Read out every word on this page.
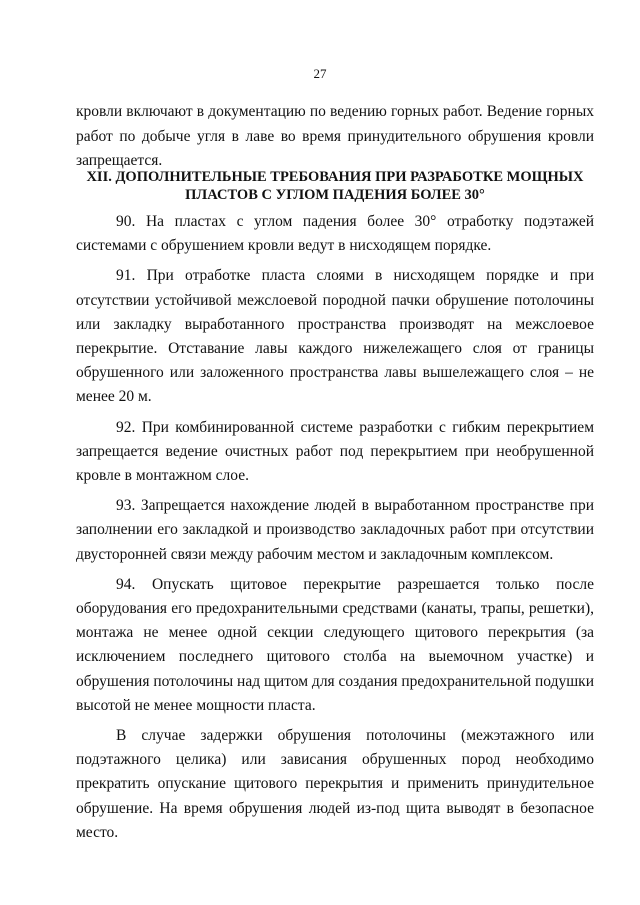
27

кровли включают в документацию по ведению горных работ. Ведение горных работ по добыче угля в лаве во время принудительного обрушения кровли запрещается.

XII. ДОПОЛНИТЕЛЬНЫЕ ТРЕБОВАНИЯ ПРИ РАЗРАБОТКЕ МОЩНЫХ
ПЛАСТОВ С УГЛОМ ПАДЕНИЯ БОЛЕЕ 30°

90. На пластах с углом падения более 30° отработку подэтажей системами с обрушением кровли ведут в нисходящем порядке.

91. При отработке пласта слоями в нисходящем порядке и при отсутствии устойчивой межслоевой породной пачки обрушение потолочины или закладку выработанного пространства производят на межслоевое перекрытие. Отставание лавы каждого нижележащего слоя от границы обрушенного или заложенного пространства лавы вышележащего слоя – не менее 20 м.

92. При комбинированной системе разработки с гибким перекрытием запрещается ведение очистных работ под перекрытием при необрушенной кровле в монтажном слое.

93. Запрещается нахождение людей в выработанном пространстве при заполнении его закладкой и производство закладочных работ при отсутствии двусторонней связи между рабочим местом и закладочным комплексом.

94. Опускать щитовое перекрытие разрешается только после оборудования его предохранительными средствами (канаты, трапы, решетки), монтажа не менее одной секции следующего щитового перекрытия (за исключением последнего щитового столба на выемочном участке) и обрушения потолочины над щитом для создания предохранительной подушки высотой не менее мощности пласта.

В случае задержки обрушения потолочины (межэтажного или подэтажного целика) или зависания обрушенных пород необходимо прекратить опускание щитового перекрытия и применить принудительное обрушение. На время обрушения людей из-под щита выводят в безопасное место.
